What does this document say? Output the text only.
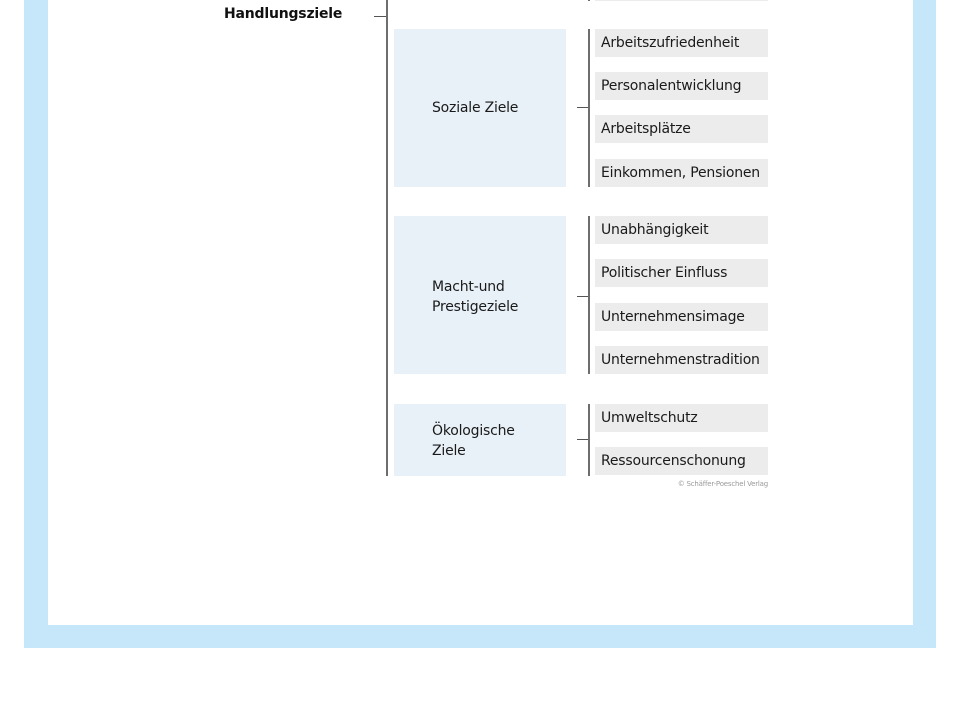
Handlungsziele
Soziale Ziele
Arbeitszufriedenheit
Personalentwicklung
Arbeitsplätze
Einkommen, Pensionen
Macht-und
Prestigeziele
Unabhängigkeit
Politischer Einfluss
Unternehmensimage
Unternehmenstradition
Ökologische
Ziele
Umweltschutz
Ressourcenschonung
© Schäffer-Poeschel Verlag
